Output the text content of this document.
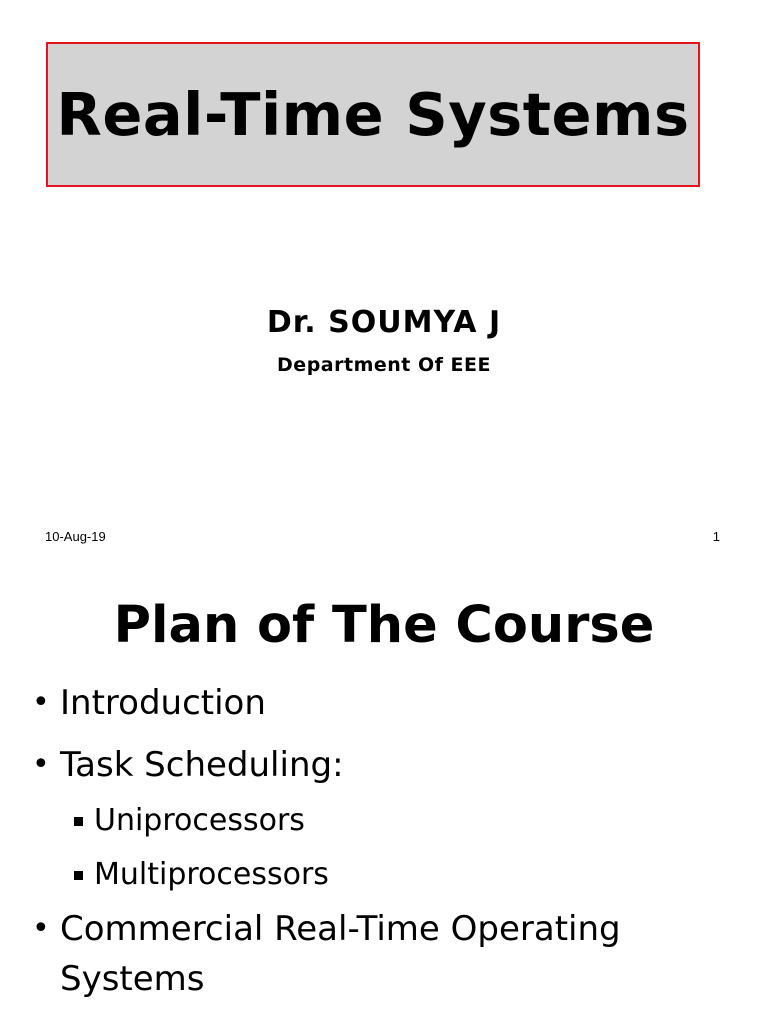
Real-Time Systems
Dr. SOUMYA J
Department Of EEE
10-Aug-19	1
Plan of The Course
• Introduction
• Task Scheduling:
Uniprocessors
Multiprocessors
• Commercial Real-Time Operating
Systems
